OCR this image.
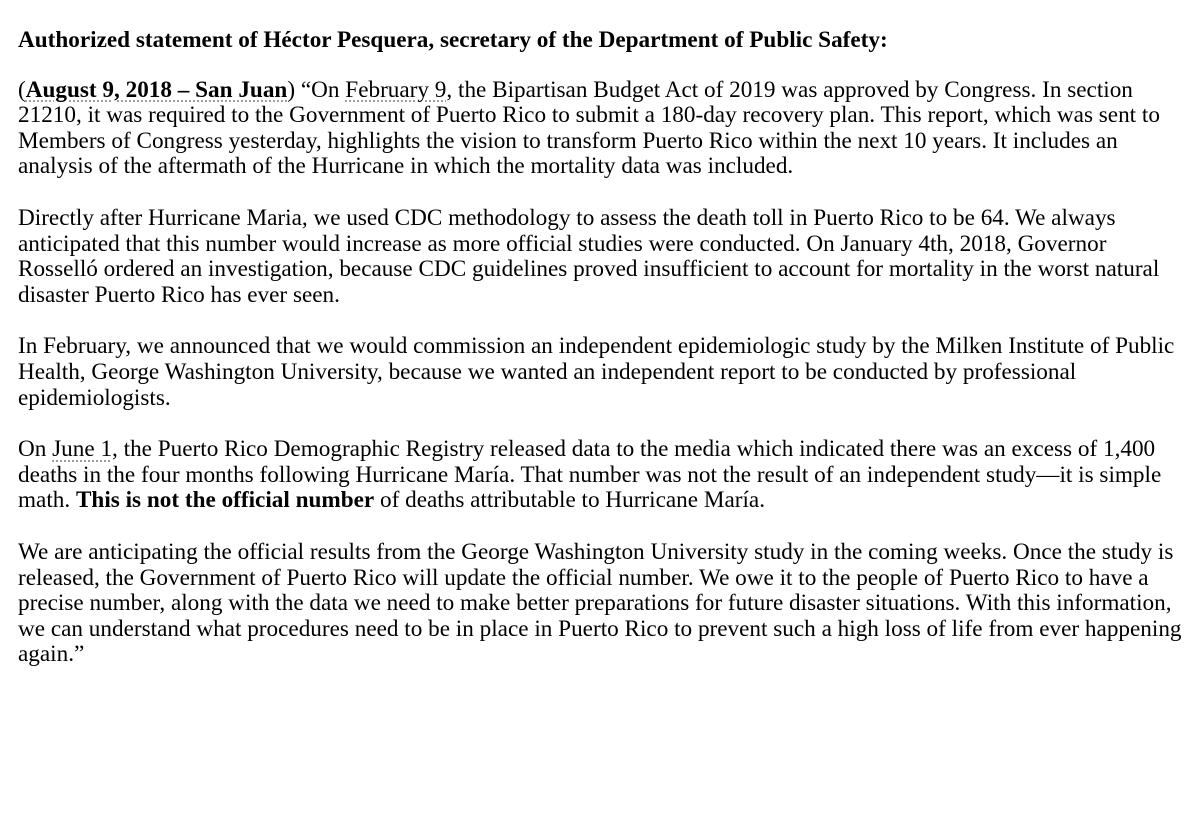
Authorized statement of Héctor Pesquera, secretary of the Department of Public Safety:

(August 9, 2018 – San Juan) “On February 9, the Bipartisan Budget Act of 2019 was approved by Congress. In section 21210, it was required to the Government of Puerto Rico to submit a 180-day recovery plan. This report, which was sent to Members of Congress yesterday, highlights the vision to transform Puerto Rico within the next 10 years. It includes an analysis of the aftermath of the Hurricane in which the mortality data was included.

Directly after Hurricane Maria, we used CDC methodology to assess the death toll in Puerto Rico to be 64. We always anticipated that this number would increase as more official studies were conducted. On January 4th, 2018, Governor Rosselló ordered an investigation, because CDC guidelines proved insufficient to account for mortality in the worst natural disaster Puerto Rico has ever seen.

In February, we announced that we would commission an independent epidemiologic study by the Milken Institute of Public Health, George Washington University, because we wanted an independent report to be conducted by professional epidemiologists.

On June 1, the Puerto Rico Demographic Registry released data to the media which indicated there was an excess of 1,400 deaths in the four months following Hurricane María. That number was not the result of an independent study—it is simple math. This is not the official number of deaths attributable to Hurricane María.

We are anticipating the official results from the George Washington University study in the coming weeks. Once the study is released, the Government of Puerto Rico will update the official number. We owe it to the people of Puerto Rico to have a precise number, along with the data we need to make better preparations for future disaster situations. With this information, we can understand what procedures need to be in place in Puerto Rico to prevent such a high loss of life from ever happening again.”
